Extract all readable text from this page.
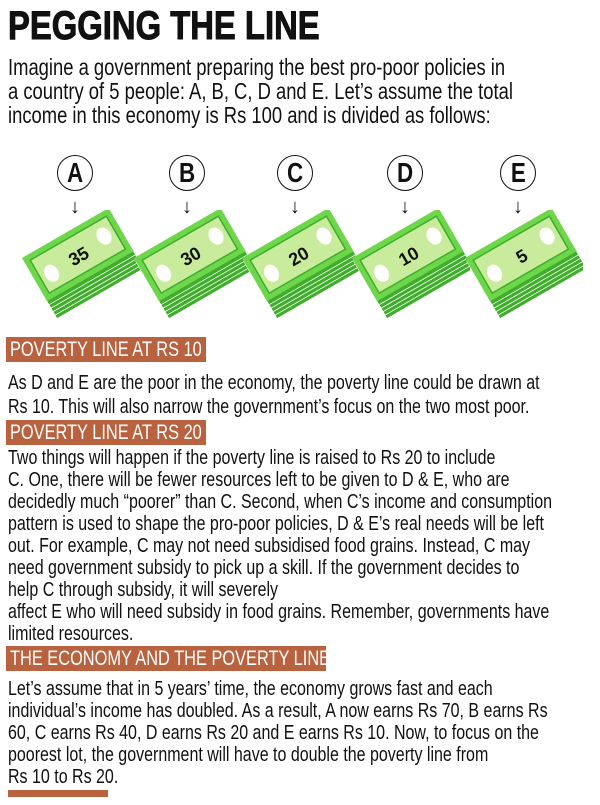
PEGGING THE LINE
Imagine a government preparing the best pro-poor policies in
a country of 5 people: A, B, C, D and E. Let’s assume the total
income in this economy is Rs 100 and is divided as follows:
A
↓
35
B
↓
30
C
↓
20
D
↓
10
E
↓
5
POVERTY LINE AT RS 10
POVERTY LINE AT RS 20
THE ECONOMY AND THE POVERTY LINE
As D and E are the poor in the economy, the poverty line could be drawn at
Rs 10. This will also narrow the government’s focus on the two most poor.
Two things will happen if the poverty line is raised to Rs 20 to include
C. One, there will be fewer resources left to be given to D & E, who are
decidedly much “poorer” than C. Second, when C’s income and consumption
pattern is used to shape the pro-poor policies, D & E’s real needs will be left
out. For example, C may not need subsidised food grains. Instead, C may
need government subsidy to pick up a skill. If the government decides to
help C through subsidy, it will severely
affect E who will need subsidy in food grains. Remember, governments have
limited resources.
Let’s assume that in 5 years’ time, the economy grows fast and each
individual’s income has doubled. As a result, A now earns Rs 70, B earns Rs
60, C earns Rs 40, D earns Rs 20 and E earns Rs 10. Now, to focus on the
poorest lot, the government will have to double the poverty line from
Rs 10 to Rs 20.
